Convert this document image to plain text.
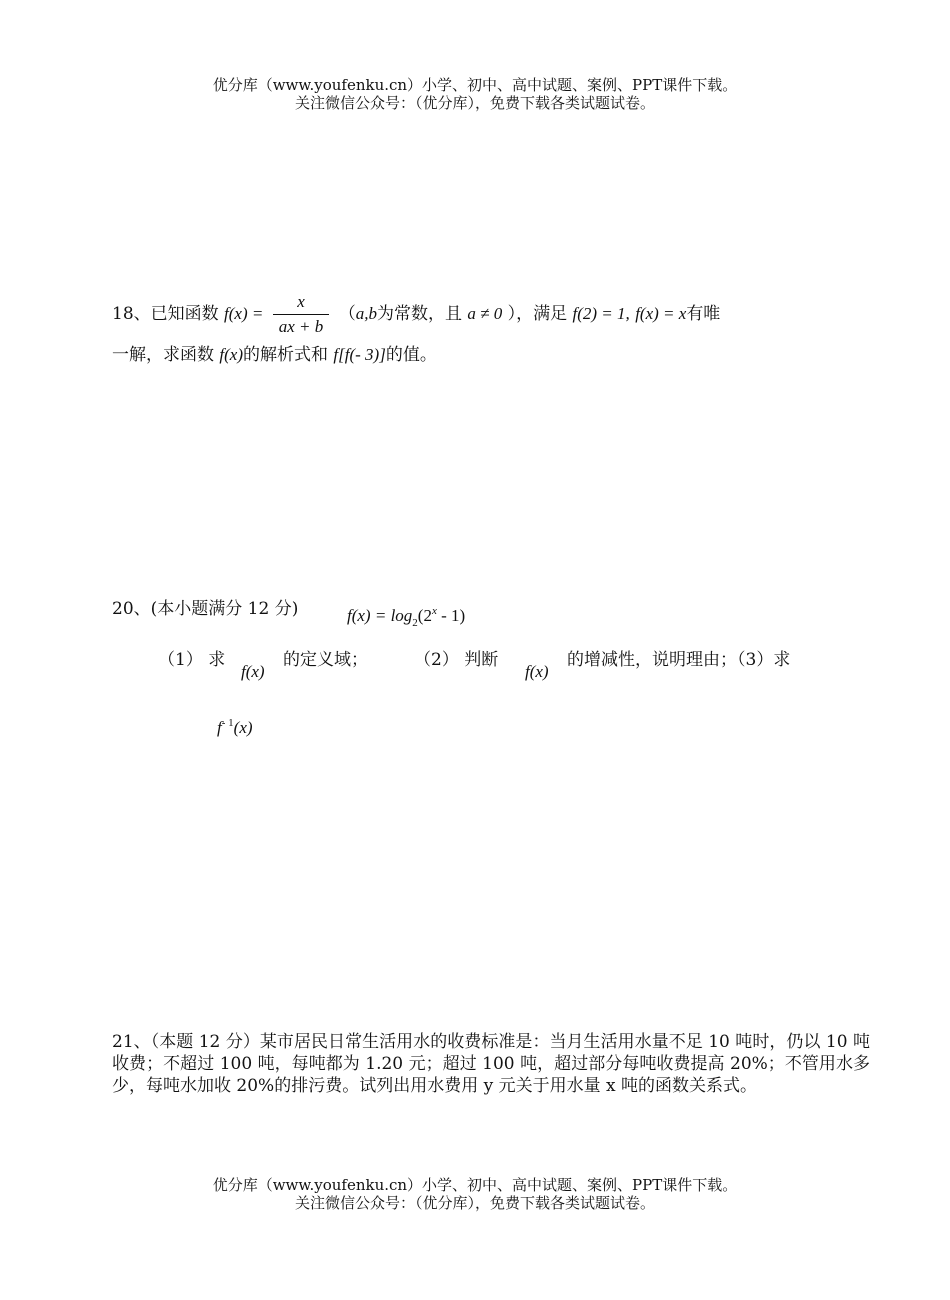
优分库（www.youfenku.cn）小学、初中、高中试题、案例、PPT课件下载。
关注微信公众号：（优分库），免费下载各类试题试卷。
18、已知函数 $f(x) = \frac{x}{ax + b} (a,b$为常数，且 a ≠ 0 ），满足 f(2) = 1, f(x) = x有唯
一解，求函数 f(x)的解析式和 f[f(- 3)]的值。
20、(本小题满分 12 分)	$f(x) = \log_2(2^x - 1)$
（1） 求
f(x)
的定义域；	（2） 判断
f(x)
的增减性，说明理由；（3）求
$f^{- 1}(x)$
21、（本题 12 分）某市居民日常生活用水的收费标准是：当月生活用水量不足 10 吨时，仍以 10 吨收费；不超过 100 吨，每吨都为 1.20 元；超过 100 吨，超过部分每吨收费提高 20%；不管用水多少，每吨水加收 20%的排污费。试列出用水费用 y 元关于用水量 x 吨的函数关系式。
优分库（www.youfenku.cn）小学、初中、高中试题、案例、PPT课件下载。
关注微信公众号：（优分库），免费下载各类试题试卷。
